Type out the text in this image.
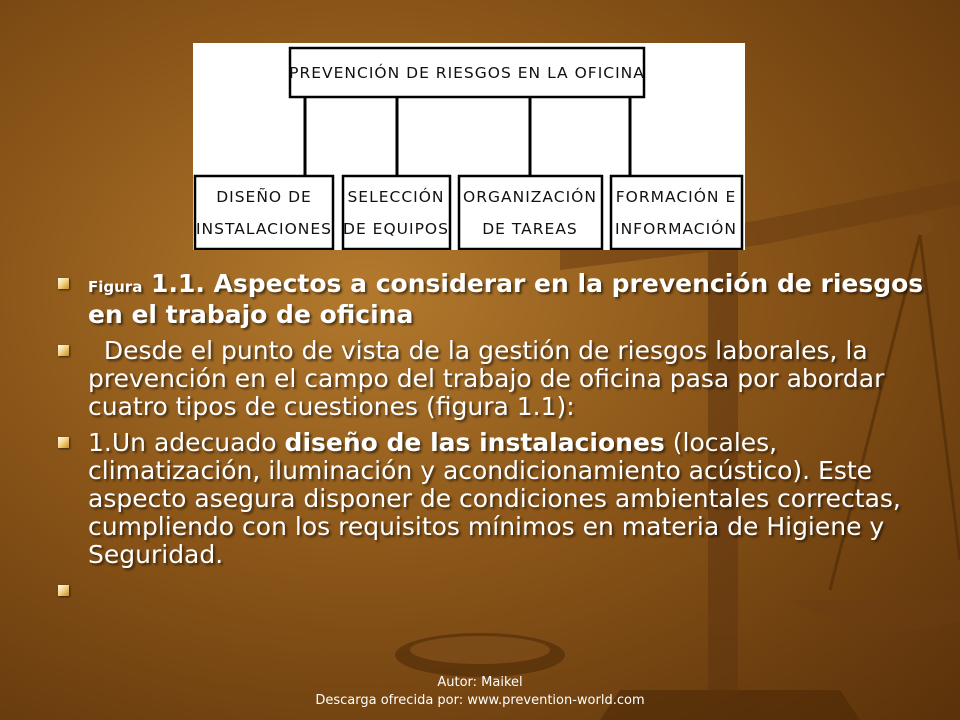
PREVENCIÓN DE RIESGOS EN LA OFICINA
DISEÑO DE
INSTALACIONES
SELECCIÓN
DE EQUIPOS
ORGANIZACIÓN
DE TAREAS
FORMACIÓN E
INFORMACIÓN
Figura 1.1. Aspectos a considerar en la prevención de riesgos en el trabajo de oficina
Desde el punto de vista de la gestión de riesgos laborales, la prevención en el campo del trabajo de oficina pasa por abordar cuatro tipos de cuestiones (figura 1.1):
1.Un adecuado diseño de las instalaciones (locales, climatización, iluminación y acondicionamiento acústico). Este aspecto asegura disponer de condiciones ambientales correctas, cumpliendo con los requisitos mínimos en materia de Higiene y Seguridad.
Autor: Maikel
Descarga ofrecida por: www.prevention-world.com
